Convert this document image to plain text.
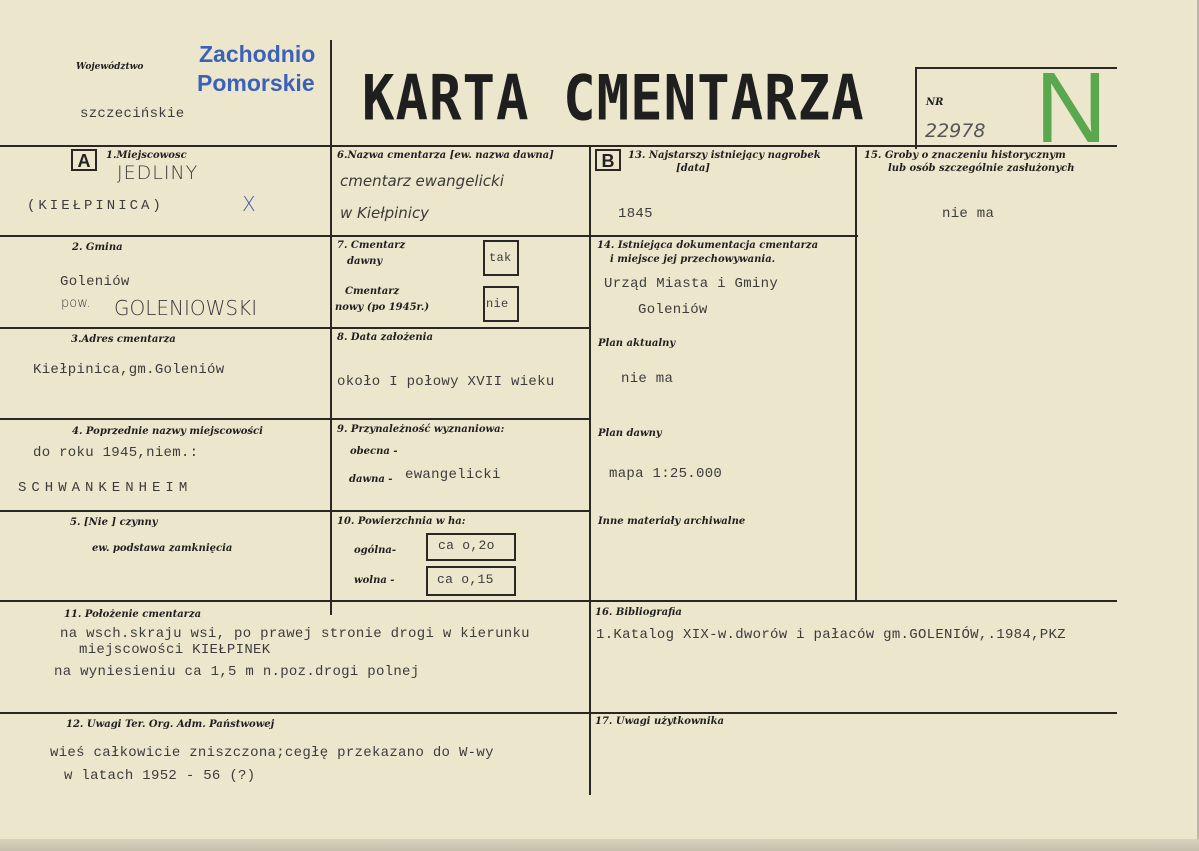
Województwo Zachodnio
Pomorskie
szczecińskie	KARTA CMENTARZA	NR
22978 N
A	1.Miejscowosc
JEDLINY
(KIEŁPINICA)	X
2. Gmina
Goleniów
pow. GOLENIOWSKI
3.Adres cmentarza
Kiełpinica,gm.Goleniów
4. Poprzednie nazwy miejscowości
do roku 1945,niem.:
SCHWANKENHEIM
5. [Nie ] czynny
ew. podstawa zamknięcia
6.Nazwa cmentarza [ew. nazwa dawna]
cmentarz ewangelicki
w Kiełpinicy
7. Cmentarz
dawny	tak
Cmentarz
nowy (po 1945r.)	nie
8. Data założenia
około I połowy XVII wieku
9. Przynależność wyznaniowa:
obecna -
dawna - ewangelicki
10. Powierzchnia w ha:
ogólna-	ca o,2o
wolna -	ca o,15
B	13. Najstarszy istniejący nagrobek
[data]
1845
14. Istniejąca dokumentacja cmentarza
i miejsce jej przechowywania.
Urząd Miasta i Gminy
Goleniów
Plan aktualny
nie ma
Plan dawny
mapa 1:25.000
Inne materiały archiwalne
15. Groby o znaczeniu historycznym
lub osób szczególnie zasłużonych
nie ma
11. Położenie cmentarza
na wsch.skraju wsi, po prawej stronie drogi w kierunku
miejscowości KIEŁPINEK
na wyniesieniu ca 1,5 m n.poz.drogi polnej
16. Bibliografia
1.Katalog XIX-w.dworów i pałaców gm.GOLENIÓW,.1984,PKZ
12. Uwagi Ter. Org. Adm. Państwowej
wieś całkowicie zniszczona;cegłę przekazano do W-wy
w latach 1952 - 56 (?)
17. Uwagi użytkownika
